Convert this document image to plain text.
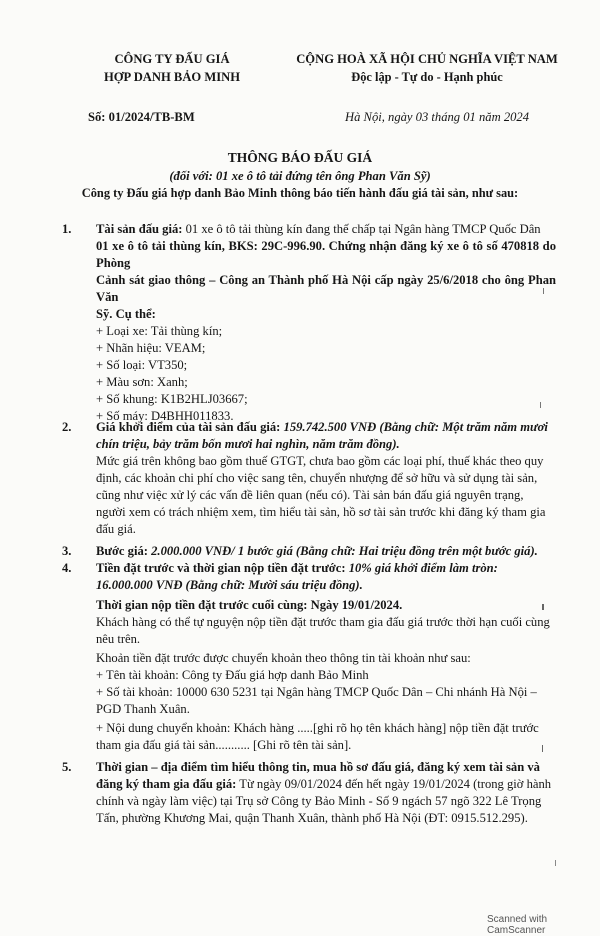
CÔNG TY ĐẤU GIÁ
HỢP DANH BẢO MINH
Số: 01/2024/TB-BM
CỘNG HOÀ XÃ HỘI CHỦ NGHĨA VIỆT NAM
Độc lập - Tự do - Hạnh phúc
Hà Nội, ngày 03 tháng 01 năm 2024
THÔNG BÁO ĐẤU GIÁ
(đối với: 01 xe ô tô tải đứng tên ông Phan Văn Sỹ)
Công ty Đấu giá hợp danh Bảo Minh thông báo tiến hành đấu giá tài sản, như sau:
1. Tài sản đấu giá: 01 xe ô tô tải thùng kín đang thế chấp tại Ngân hàng TMCP Quốc Dân
01 xe ô tô tải thùng kín, BKS: 29C-996.90. Chứng nhận đăng ký xe ô tô số 470818 do Phòng
Cảnh sát giao thông – Công an Thành phố Hà Nội cấp ngày 25/6/2018 cho ông Phan Văn
Sỹ. Cụ thể:
+ Loại xe: Tải thùng kín;
+ Nhãn hiệu: VEAM;
+ Số loại: VT350;
+ Màu sơn: Xanh;
+ Số khung: K1B2HLJ03667;
+ Số máy: D4BHH011833.
2. Giá khởi điểm của tài sản đấu giá: 159.742.500 VNĐ (Bằng chữ: Một trăm năm mươi
chín triệu, bảy trăm bốn mươi hai nghìn, năm trăm đồng).
Mức giá trên không bao gồm thuế GTGT, chưa bao gồm các loại phí, thuế khác theo quy
định, các khoản chi phí cho việc sang tên, chuyển nhượng để sở hữu và sử dụng tài sản,
cũng như việc xử lý các vấn đề liên quan (nếu có). Tài sản bán đấu giá nguyên trạng,
người xem có trách nhiệm xem, tìm hiểu tài sản, hồ sơ tài sản trước khi đăng ký tham gia
đấu giá.
3. Bước giá: 2.000.000 VNĐ/ 1 bước giá (Bằng chữ: Hai triệu đồng trên một bước giá).
4. Tiền đặt trước và thời gian nộp tiền đặt trước: 10% giá khởi điểm làm tròn:
16.000.000 VNĐ (Bằng chữ: Mười sáu triệu đồng).
Thời gian nộp tiền đặt trước cuối cùng: Ngày 19/01/2024.
Khách hàng có thể tự nguyện nộp tiền đặt trước tham gia đấu giá trước thời hạn cuối cùng
nêu trên.
Khoản tiền đặt trước được chuyển khoản theo thông tin tài khoản như sau:
+ Tên tài khoản: Công ty Đấu giá hợp danh Bảo Minh
+ Số tài khoản: 10000 630 5231 tại Ngân hàng TMCP Quốc Dân – Chi nhánh Hà Nội –
PGD Thanh Xuân.
+ Nội dung chuyển khoản: Khách hàng .....[ghi rõ họ tên khách hàng] nộp tiền đặt trước
tham gia đấu giá tài sản........... [Ghi rõ tên tài sản].
5. Thời gian – địa điểm tìm hiểu thông tin, mua hồ sơ đấu giá, đăng ký xem tài sản và
đăng ký tham gia đấu giá: Từ ngày 09/01/2024 đến hết ngày 19/01/2024 (trong giờ hành
chính và ngày làm việc) tại Trụ sở Công ty Bảo Minh - Số 9 ngách 57 ngõ 322 Lê Trọng
Tấn, phường Khương Mai, quận Thanh Xuân, thành phố Hà Nội (ĐT: 0915.512.295).
Scanned with CamScanner
